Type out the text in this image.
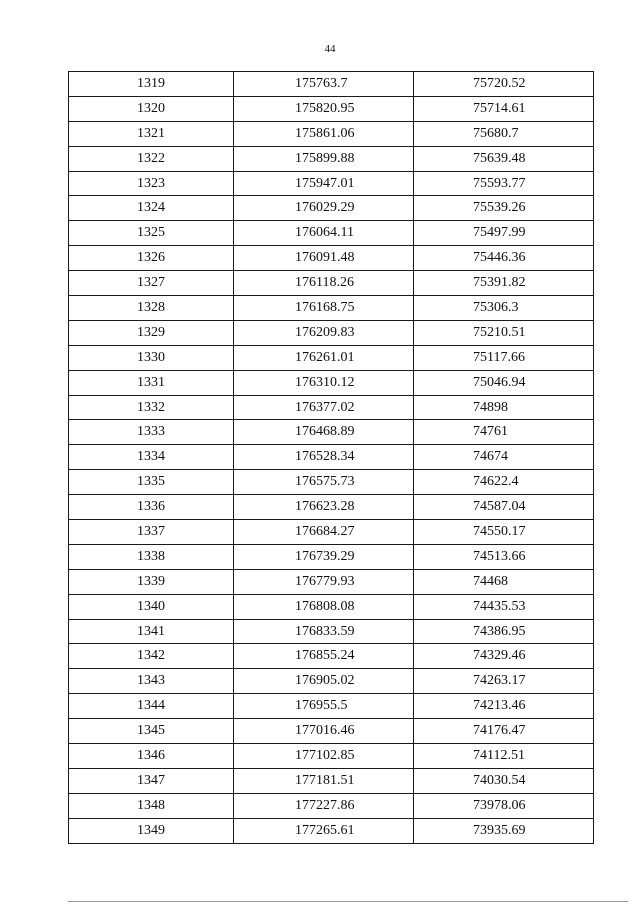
44
1319	175763.7	75720.52
1320	175820.95	75714.61
1321	175861.06	75680.7
1322	175899.88	75639.48
1323	175947.01	75593.77
1324	176029.29	75539.26
1325	176064.11	75497.99
1326	176091.48	75446.36
1327	176118.26	75391.82
1328	176168.75	75306.3
1329	176209.83	75210.51
1330	176261.01	75117.66
1331	176310.12	75046.94
1332	176377.02	74898
1333	176468.89	74761
1334	176528.34	74674
1335	176575.73	74622.4
1336	176623.28	74587.04
1337	176684.27	74550.17
1338	176739.29	74513.66
1339	176779.93	74468
1340	176808.08	74435.53
1341	176833.59	74386.95
1342	176855.24	74329.46
1343	176905.02	74263.17
1344	176955.5	74213.46
1345	177016.46	74176.47
1346	177102.85	74112.51
1347	177181.51	74030.54
1348	177227.86	73978.06
1349	177265.61	73935.69
